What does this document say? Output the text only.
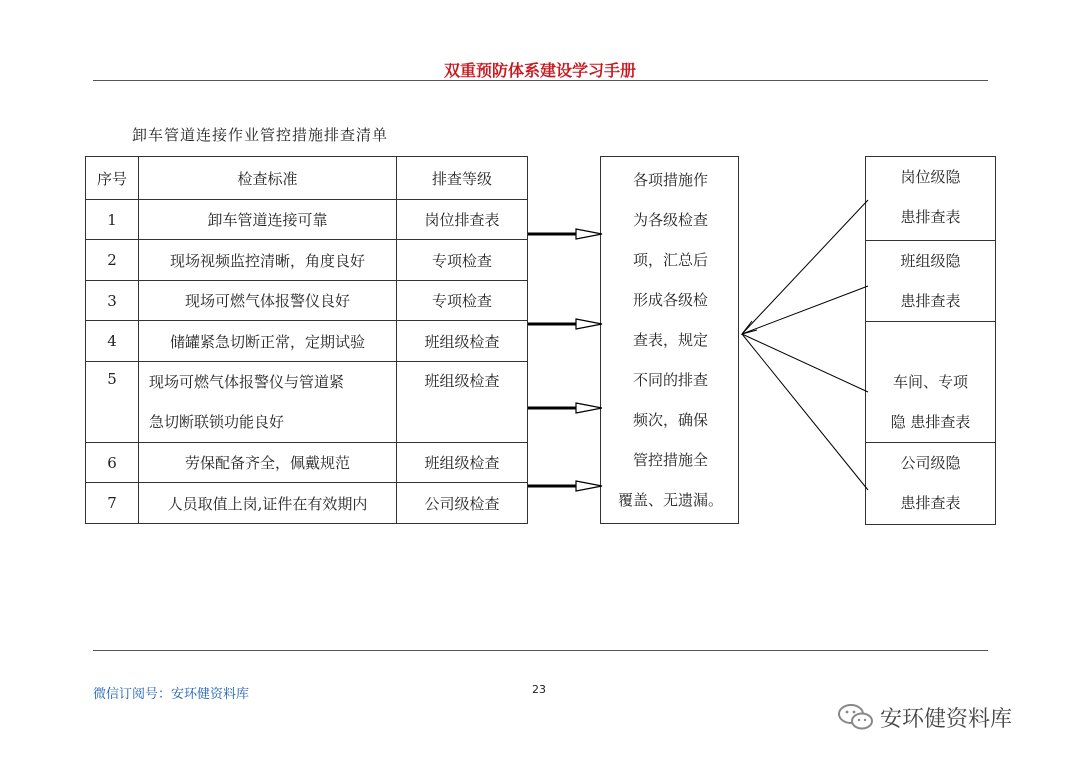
双重预防体系建设学习手册
卸车管道连接作业管控措施排查清单
序号	检查标准	排查等级
1	卸车管道连接可靠	岗位排查表
2	现场视频监控清晰，角度良好	专项检查
3	现场可燃气体报警仪良好	专项检查
4	储罐紧急切断正常，定期试验	班组级检查
5	现场可燃气体报警仪与管道紧
急切断联锁功能良好	班组级检查
6	劳保配备齐全，佩戴规范	班组级检查
7	人员取值上岗,证件在有效期内	公司级检查
各项措施作
为各级检查
项，汇总后
形成各级检
查表，规定
不同的排查
频次，确保
管控措施全
覆盖、无遗漏。
岗位级隐
患排查表

班组级隐
患排查表

车间、专项
隐 患排查表

公司级隐
患排查表
微信订阅号：安环健资料库	23
安环健资料库
